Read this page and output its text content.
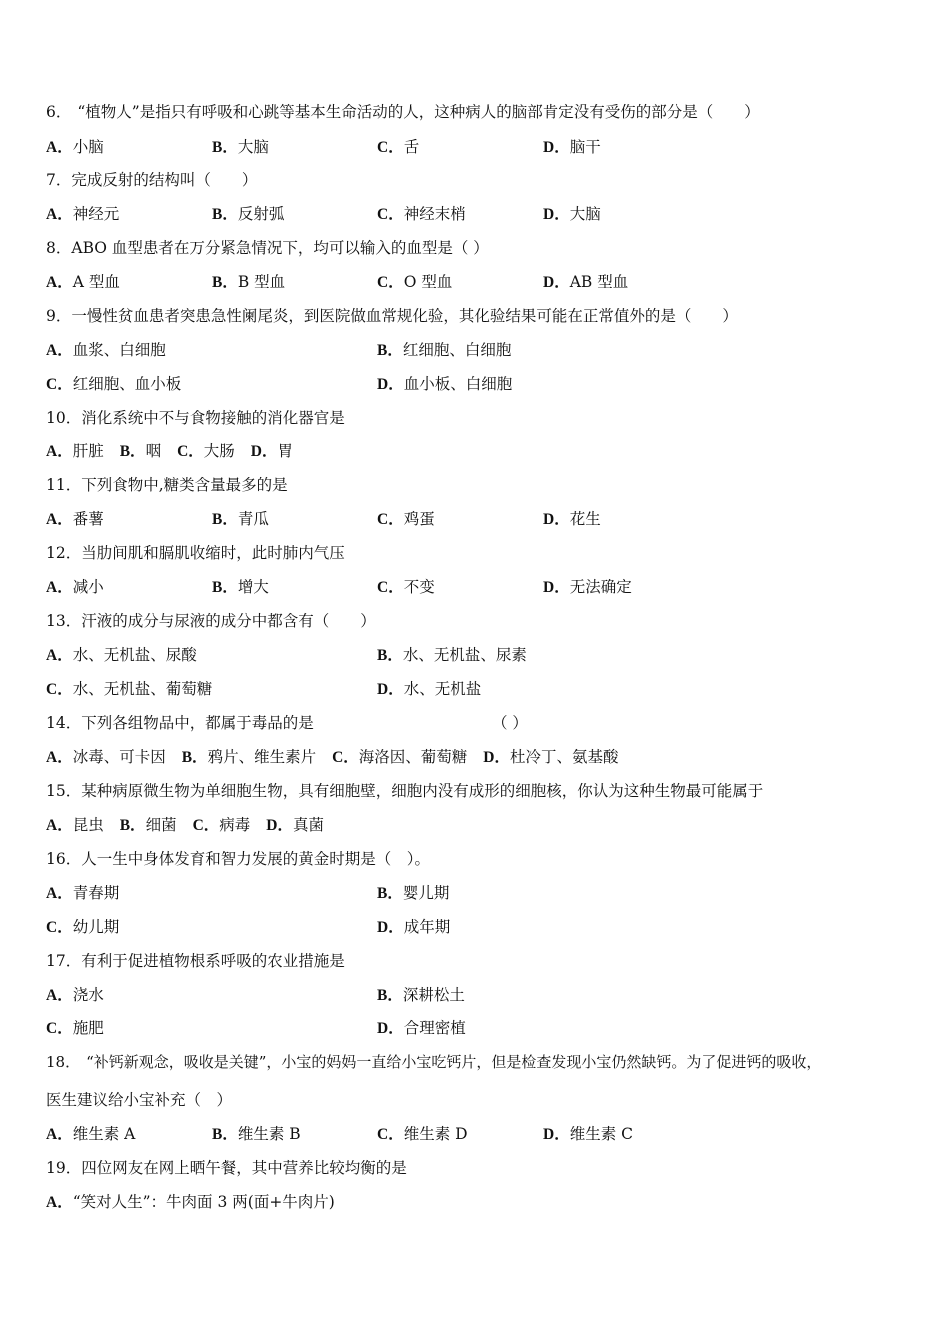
6． “植物人”是指只有呼吸和心跳等基本生命活动的人，这种病人的脑部肯定没有受伤的部分是（　　）
A．小脑	B．大脑	C．舌	D．脑干
7．完成反射的结构叫（　　）
A．神经元	B．反射弧	C．神经末梢	D．大脑
8．ABO 血型患者在万分紧急情况下，均可以输入的血型是（ ）
A．A 型血	B．B 型血	C．O 型血	D．AB 型血
9．一慢性贫血患者突患急性阑尾炎，到医院做血常规化验，其化验结果可能在正常值外的是（　　）
A．血浆、白细胞	B．红细胞、白细胞
C．红细胞、血小板	D．血小板、白细胞
10．消化系统中不与食物接触的消化器官是
A．肝脏 B．咽 C．大肠 D．胃
11．下列食物中,糖类含量最多的是
A．番薯	B．青瓜	C．鸡蛋	D．花生
12．当肋间肌和膈肌收缩时，此时肺内气压
A．减小	B．增大	C．不变	D．无法确定
13．汗液的成分与尿液的成分中都含有（　　）
A．水、无机盐、尿酸	B．水、无机盐、尿素
C．水、无机盐、葡萄糖	D．水、无机盐
14．下列各组物品中，都属于毒品的是	（ ）
A．冰毒、可卡因 B．鸦片、维生素片 C．海洛因、葡萄糖 D．杜冷丁、氨基酸
15．某种病原微生物为单细胞生物，具有细胞壁，细胞内没有成形的细胞核，你认为这种生物最可能属于
A．昆虫 B．细菌 C．病毒 D．真菌
16．人一生中身体发育和智力发展的黄金时期是（　）。
A．青春期	B．婴儿期
C．幼儿期	D．成年期
17．有利于促进植物根系呼吸的农业措施是
A．浇水	B．深耕松土
C．施肥	D．合理密植
18． “补钙新观念，吸收是关键”，小宝的妈妈一直给小宝吃钙片，但是检查发现小宝仍然缺钙。为了促进钙的吸收，
医生建议给小宝补充（　）
A．维生素 A	B．维生素 B	C．维生素 D	D．维生素 C
19．四位网友在网上晒午餐，其中营养比较均衡的是
A．“笑对人生”：牛肉面 3 两(面+牛肉片)
